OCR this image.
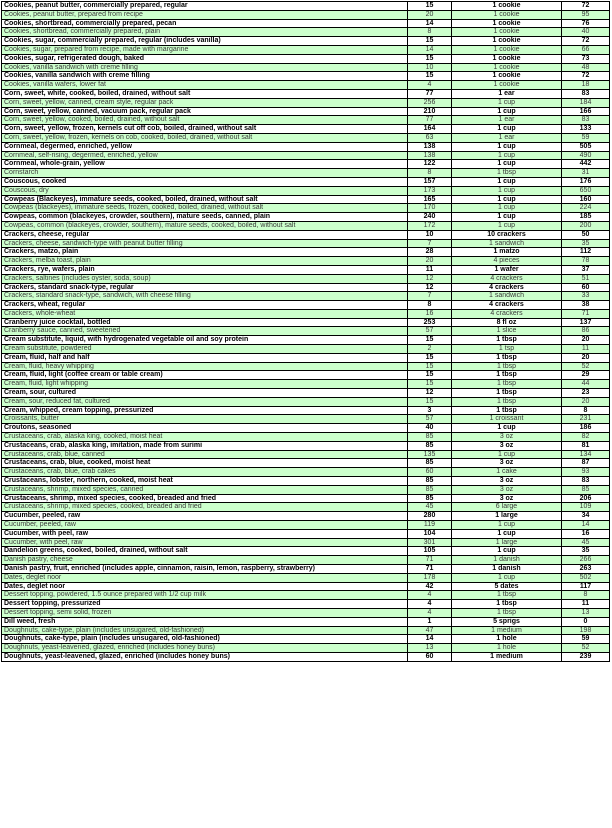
Cookies, peanut butter, commercially prepared, regular	15	1 cookie	72
Cookies, peanut butter, prepared from recipe	20	1 cookie	95
Cookies, shortbread, commercially prepared, pecan	14	1 cookie	76
Cookies, shortbread, commercially prepared, plain	8	1 cookie	40
Cookies, sugar, commercially prepared, regular (includes vanilla)	15	1 cookie	72
Cookies, sugar, prepared from recipe, made with margarine	14	1 cookie	66
Cookies, sugar, refrigerated dough, baked	15	1 cookie	73
Cookies, vanilla sandwich with creme filling	10	1 cookie	48
Cookies, vanilla sandwich with creme filling	15	1 cookie	72
Cookies, vanilla wafers, lower fat	4	1 cookie	18
Corn, sweet, white, cooked, boiled, drained, without salt	77	1 ear	83
Corn, sweet, yellow, canned, cream style, regular pack	256	1 cup	184
Corn, sweet, yellow, canned, vacuum pack, regular pack	210	1 cup	166
Corn, sweet, yellow, cooked, boiled, drained, without salt	77	1 ear	83
Corn, sweet, yellow, frozen, kernels cut off cob, boiled, drained, without salt	164	1 cup	133
Corn, sweet, yellow, frozen, kernels on cob, cooked, boiled, drained, without salt	63	1 ear	59
Cornmeal, degermed, enriched, yellow	138	1 cup	505
Cornmeal, self-rising, degermed, enriched, yellow	138	1 cup	490
Cornmeal, whole-grain, yellow	122	1 cup	442
Cornstarch	8	1 tbsp	31
Couscous, cooked	157	1 cup	176
Couscous, dry	173	1 cup	650
Cowpeas (Blackeyes), immature seeds, cooked, boiled, drained, without salt	165	1 cup	160
Cowpeas (blackeyes), immature seeds, frozen, cooked, boiled, drained, without salt	170	1 cup	224
Cowpeas, common (blackeyes, crowder, southern), mature seeds, canned, plain	240	1 cup	185
Cowpeas, common (blackeyes, crowder, southern), mature seeds, cooked, boiled, without salt	172	1 cup	200
Crackers, cheese, regular	10	10 crackers	50
Crackers, cheese, sandwich-type with peanut butter filling	7	1 sandwich	35
Crackers, matzo, plain	28	1 matzo	112
Crackers, melba toast, plain	20	4 pieces	78
Crackers, rye, wafers, plain	11	1 wafer	37
Crackers, saltines (includes oyster, soda, soup)	12	4 crackers	51
Crackers, standard snack-type, regular	12	4 crackers	60
Crackers, standard snack-type, sandwich, with cheese filling	7	1 sandwich	33
Crackers, wheat, regular	8	4 crackers	38
Crackers, whole-wheat	16	4 crackers	71
Cranberry juice cocktail, bottled	253	8 fl oz	137
Cranberry sauce, canned, sweetened	57	1 slice	86
Cream substitute, liquid, with hydrogenated vegetable oil and soy protein	15	1 tbsp	20
Cream substitute, powdered	2	1 tsp	11
Cream, fluid, half and half	15	1 tbsp	20
Cream, fluid, heavy whipping	15	1 tbsp	52
Cream, fluid, light (coffee cream or table cream)	15	1 tbsp	29
Cream, fluid, light whipping	15	1 tbsp	44
Cream, sour, cultured	12	1 tbsp	23
Cream, sour, reduced fat, cultured	15	1 tbsp	20
Cream, whipped, cream topping, pressurized	3	1 tbsp	8
Croissants, butter	57	1 croissant	231
Croutons, seasoned	40	1 cup	186
Crustaceans, crab, alaska king, cooked, moist heat	85	3 oz	82
Crustaceans, crab, alaska king, imitation, made from surimi	85	3 oz	81
Crustaceans, crab, blue, canned	135	1 cup	134
Crustaceans, crab, blue, cooked, moist heat	85	3 oz	87
Crustaceans, crab, blue, crab cakes	60	1 cake	93
Crustaceans, lobster, northern, cooked, moist heat	85	3 oz	83
Crustaceans, shrimp, mixed species, canned	85	3 oz	85
Crustaceans, shrimp, mixed species, cooked, breaded and fried	85	3 oz	206
Crustaceans, shrimp, mixed species, cooked, breaded and fried	45	6 large	109
Cucumber, peeled, raw	280	1 large	34
Cucumber, peeled, raw	119	1 cup	14
Cucumber, with peel, raw	104	1 cup	16
Cucumber, with peel, raw	301	1 large	45
Dandelion greens, cooked, boiled, drained, without salt	105	1 cup	35
Danish pastry, cheese	71	1 danish	266
Danish pastry, fruit, enriched (includes apple, cinnamon, raisin, lemon, raspberry, strawberry)	71	1 danish	263
Dates, deglet noor	178	1 cup	502
Dates, deglet noor	42	5 dates	117
Dessert topping, powdered, 1.5 ounce prepared with 1/2 cup milk	4	1 tbsp	8
Dessert topping, pressurized	4	1 tbsp	11
Dessert topping, semi solid, frozen	4	1 tbsp	13
Dill weed, fresh	1	5 sprigs	0
Doughnuts, cake-type, plain (includes unsugared, old-fashioned)	47	1 medium	198
Doughnuts, cake-type, plain (includes unsugared, old-fashioned)	14	1 hole	59
Doughnuts, yeast-leavened, glazed, enriched (includes honey buns)	13	1 hole	52
Doughnuts, yeast-leavened, glazed, enriched (includes honey buns)	60	1 medium	239
